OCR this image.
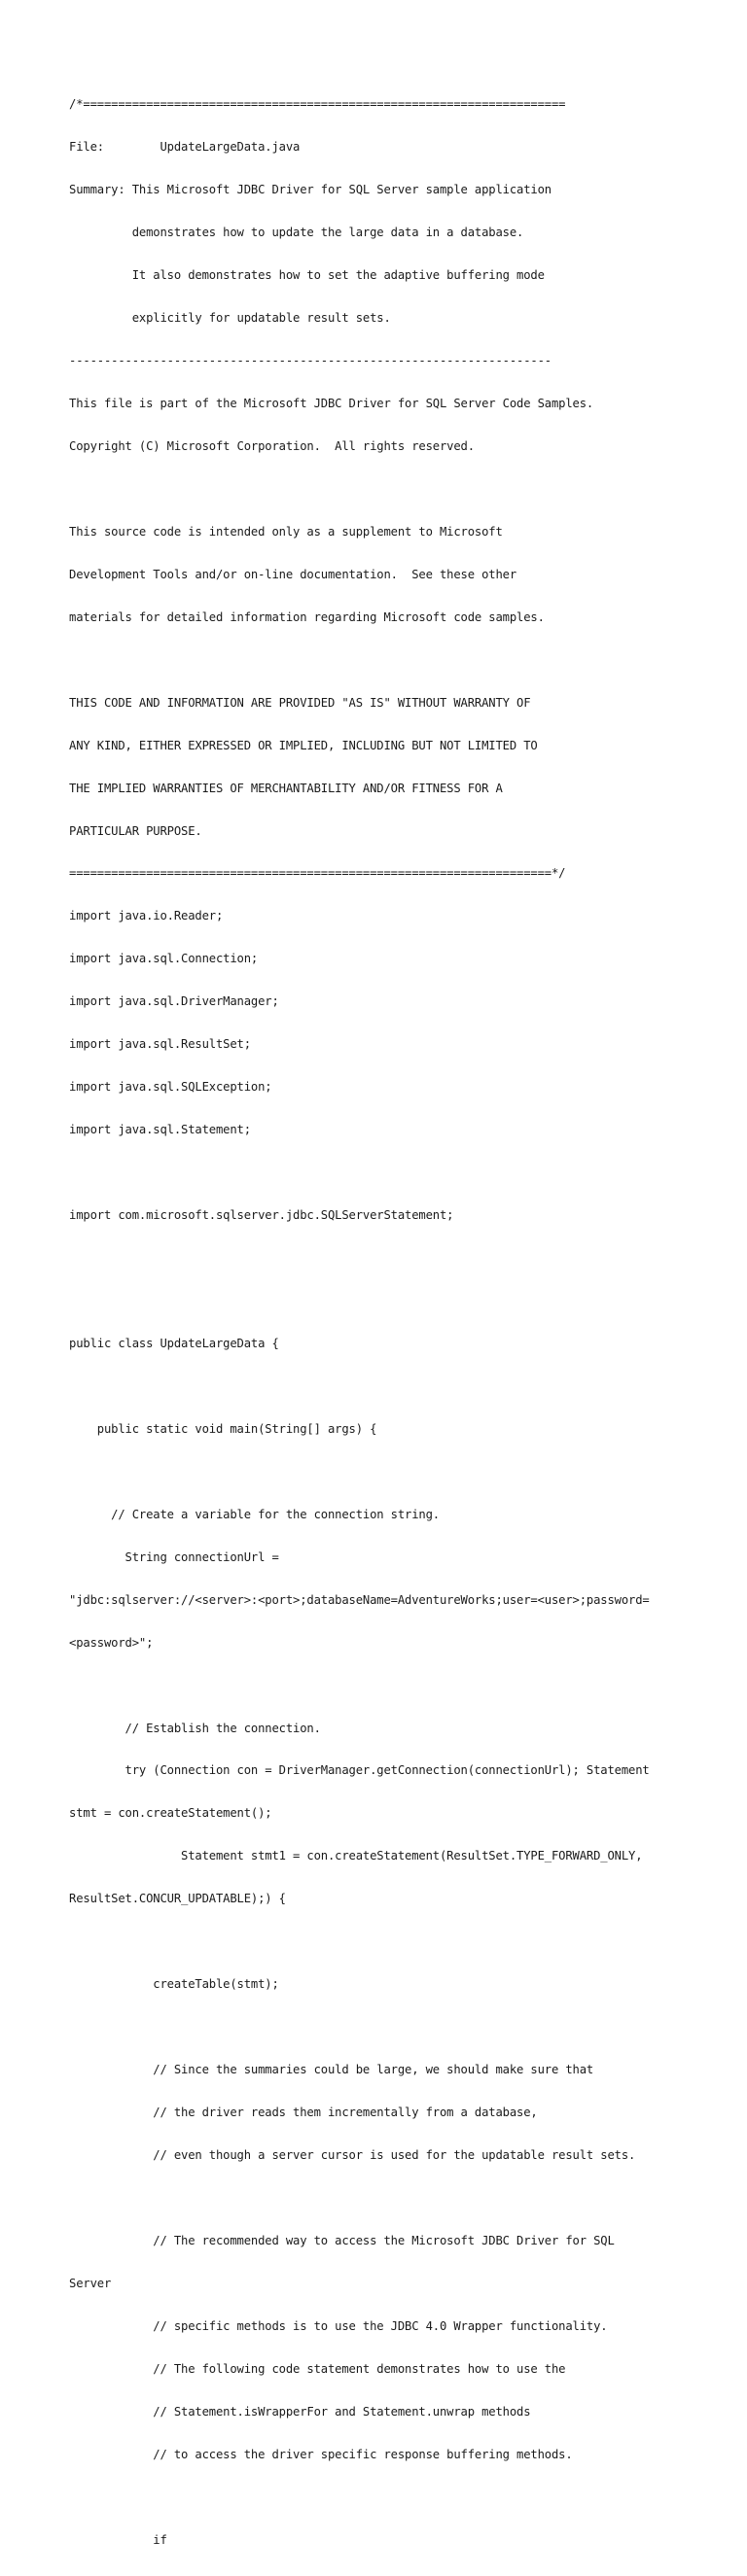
/*=====================================================================

File:        UpdateLargeData.java

Summary: This Microsoft JDBC Driver for SQL Server sample application

demonstrates how to update the large data in a database.

It also demonstrates how to set the adaptive buffering mode

explicitly for updatable result sets.

---------------------------------------------------------------------

This file is part of the Microsoft JDBC Driver for SQL Server Code Samples.

Copyright (C) Microsoft Corporation.  All rights reserved.

This source code is intended only as a supplement to Microsoft

Development Tools and/or on-line documentation.  See these other

materials for detailed information regarding Microsoft code samples.

THIS CODE AND INFORMATION ARE PROVIDED "AS IS" WITHOUT WARRANTY OF

ANY KIND, EITHER EXPRESSED OR IMPLIED, INCLUDING BUT NOT LIMITED TO

THE IMPLIED WARRANTIES OF MERCHANTABILITY AND/OR FITNESS FOR A

PARTICULAR PURPOSE.

=====================================================================*/

import java.io.Reader;

import java.sql.Connection;

import java.sql.DriverManager;

import java.sql.ResultSet;

import java.sql.SQLException;

import java.sql.Statement;

import com.microsoft.sqlserver.jdbc.SQLServerStatement;

public class UpdateLargeData {

public static void main(String[] args) {

// Create a variable for the connection string.

String connectionUrl =

"jdbc:sqlserver://<server>:<port>;databaseName=AdventureWorks;user=<user>;password=

<password>";

// Establish the connection.

try (Connection con = DriverManager.getConnection(connectionUrl); Statement

stmt = con.createStatement();

Statement stmt1 = con.createStatement(ResultSet.TYPE_FORWARD_ONLY,

ResultSet.CONCUR_UPDATABLE);) {

createTable(stmt);

// Since the summaries could be large, we should make sure that

// the driver reads them incrementally from a database,

// even though a server cursor is used for the updatable result sets.

// The recommended way to access the Microsoft JDBC Driver for SQL

Server

// specific methods is to use the JDBC 4.0 Wrapper functionality.

// The following code statement demonstrates how to use the

// Statement.isWrapperFor and Statement.unwrap methods

// to access the driver specific response buffering methods.

if
